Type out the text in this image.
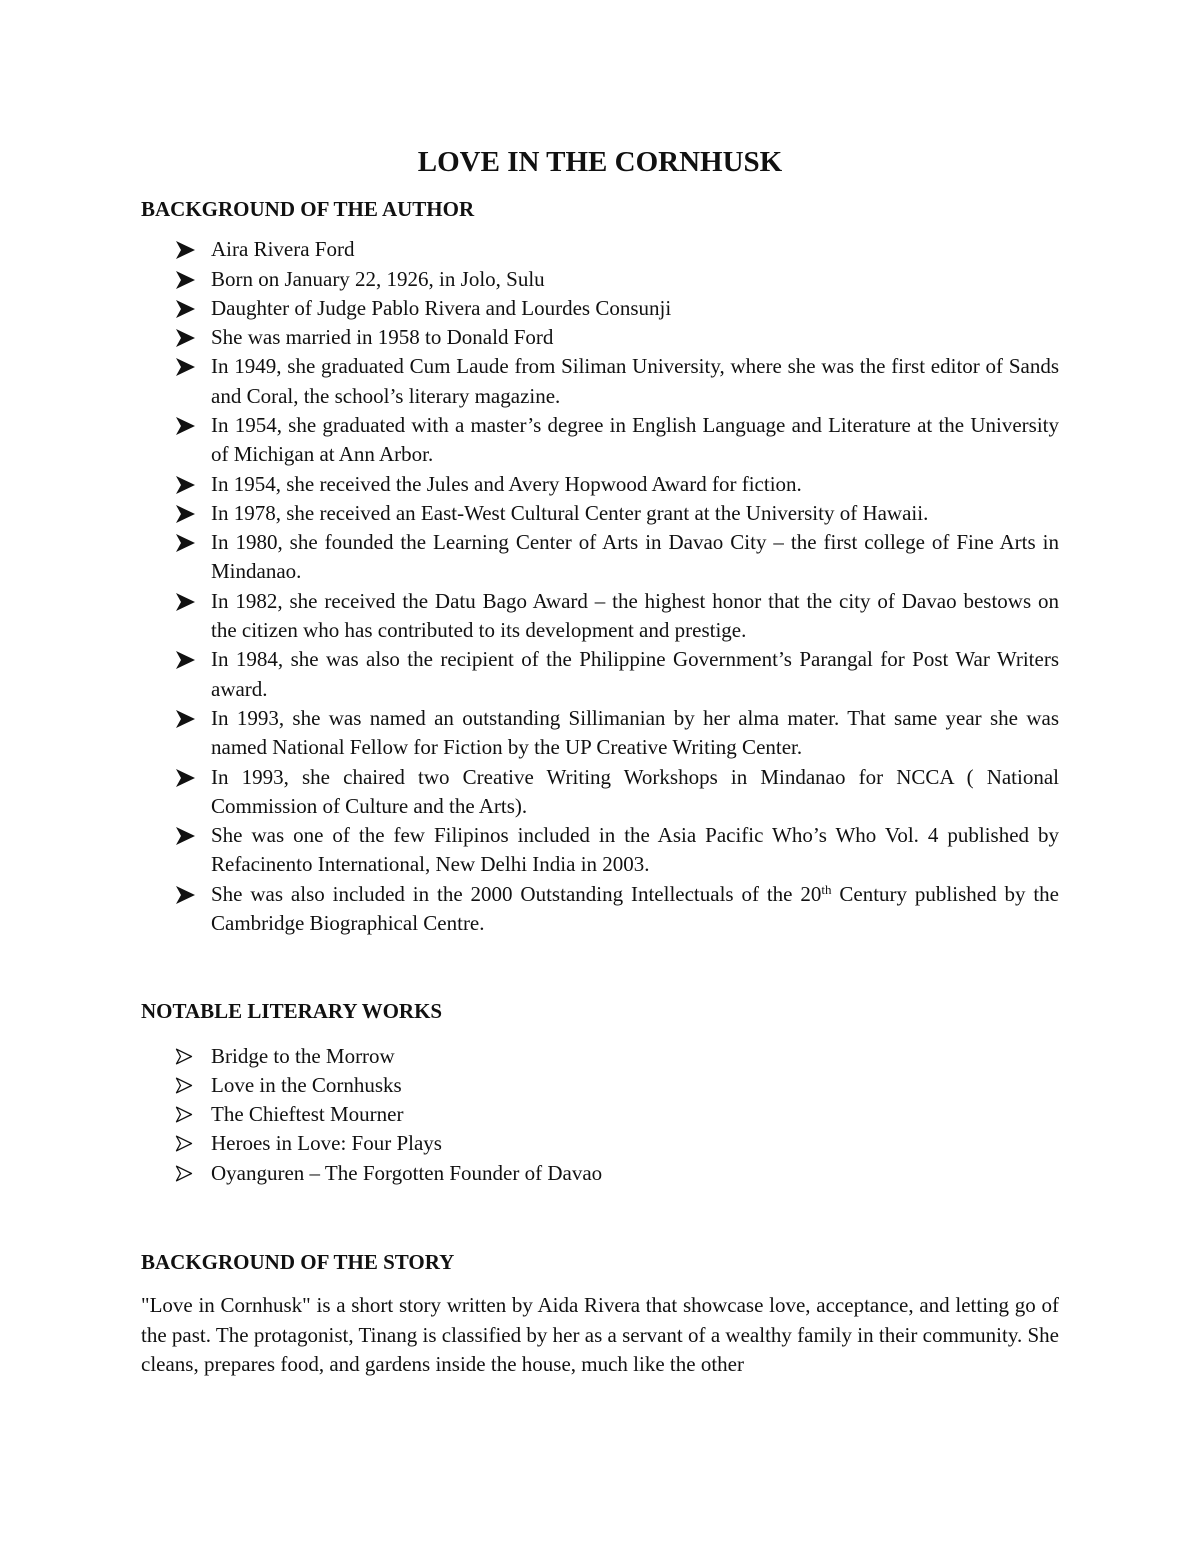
LOVE IN THE CORNHUSK
BACKGROUND OF THE AUTHOR
Aira Rivera Ford
Born on January 22, 1926, in Jolo, Sulu
Daughter of Judge Pablo Rivera and Lourdes Consunji
She was married in 1958 to Donald Ford
In 1949, she graduated Cum Laude from Siliman University, where she was the first editor of Sands and Coral, the school’s literary magazine.
In 1954, she graduated with a master’s degree in English Language and Literature at the University of Michigan at Ann Arbor.
In 1954, she received the Jules and Avery Hopwood Award for fiction.
In 1978, she received an East-West Cultural Center grant at the University of Hawaii.
In 1980, she founded the Learning Center of Arts in Davao City – the first college of Fine Arts in Mindanao.
In 1982, she received the Datu Bago Award – the highest honor that the city of Davao bestows on the citizen who has contributed to its development and prestige.
In 1984, she was also the recipient of the Philippine Government’s Parangal for Post War Writers award.
In 1993, she was named an outstanding Sillimanian by her alma mater. That same year she was named National Fellow for Fiction by the UP Creative Writing Center.
In 1993, she chaired two Creative Writing Workshops in Mindanao for NCCA ( National Commission of Culture and the Arts).
She was one of the few Filipinos included in the Asia Pacific Who’s Who Vol. 4 published by Refacinento International, New Delhi India in 2003.
She was also included in the 2000 Outstanding Intellectuals of the 20th Century published by the Cambridge Biographical Centre.
NOTABLE LITERARY WORKS
Bridge to the Morrow
Love in the Cornhusks
The Chieftest Mourner
Heroes in Love: Four Plays
Oyanguren – The Forgotten Founder of Davao
BACKGROUND OF THE STORY

"Love in Cornhusk" is a short story written by Aida Rivera that showcase love, acceptance, and letting go of the past. The protagonist, Tinang is classified by her as a servant of a wealthy family in their community. She cleans, prepares food, and gardens inside the house, much like the other
